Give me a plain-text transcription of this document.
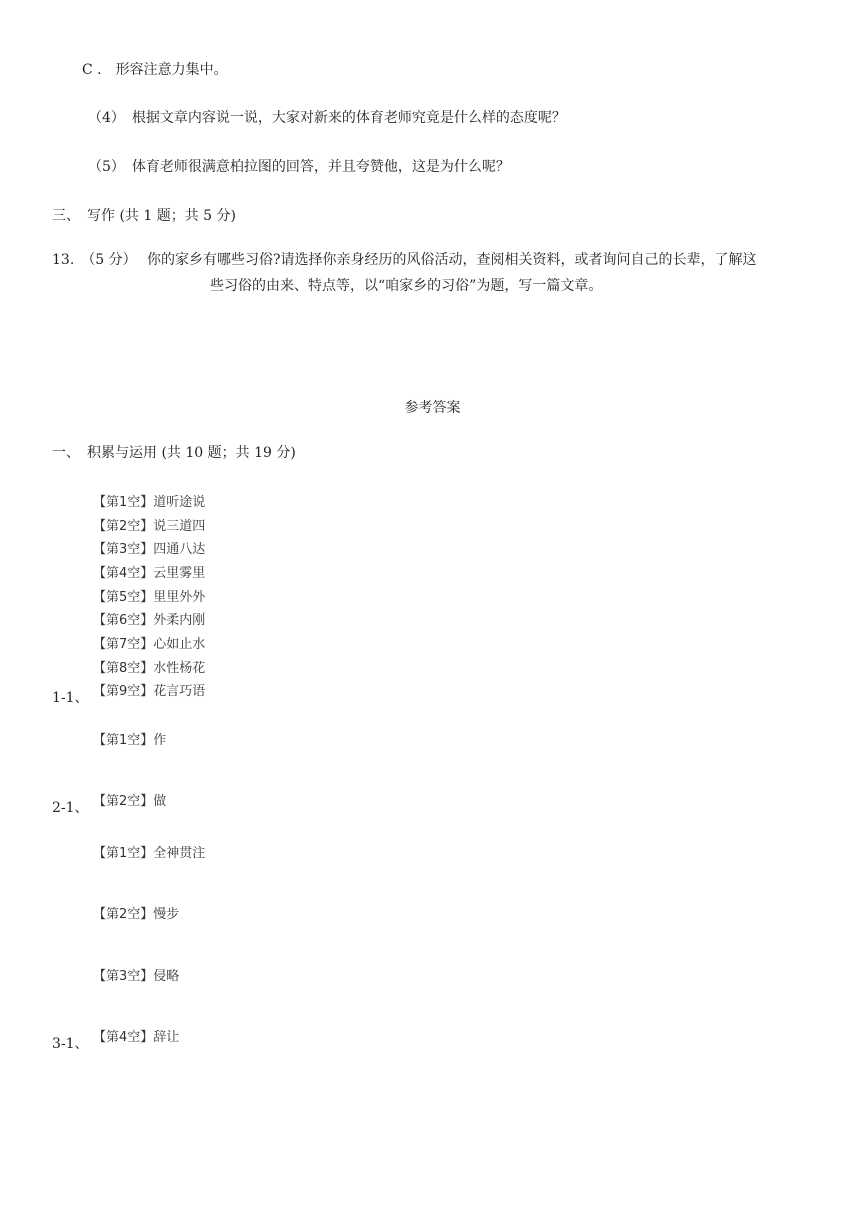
C ． 形容注意力集中。
（4）　根据文章内容说一说，大家对新来的体育老师究竟是什么样的态度呢？
（5）　体育老师很满意柏拉图的回答，并且夸赞他，这是为什么呢？
三、　写作 (共 1 题；共 5 分)
13.　（5 分） 你的家乡有哪些习俗?请选择你亲身经历的风俗活动，查阅相关资料，或者询问自己的长辈，了解这
些习俗的由来、特点等，以“咱家乡的习俗”为题，写一篇文章。
参考答案
一、　积累与运用 (共 10 题；共 19 分)
【第1空】道听途说
【第2空】说三道四
【第3空】四通八达
【第4空】云里雾里
【第5空】里里外外
【第6空】外柔内刚
【第7空】心如止水
【第8空】水性杨花
【第9空】花言巧语
1-1、
【第1空】作
【第2空】做
2-1、
【第1空】全神贯注
【第2空】慢步
【第3空】侵略
【第4空】辞让
3-1、
